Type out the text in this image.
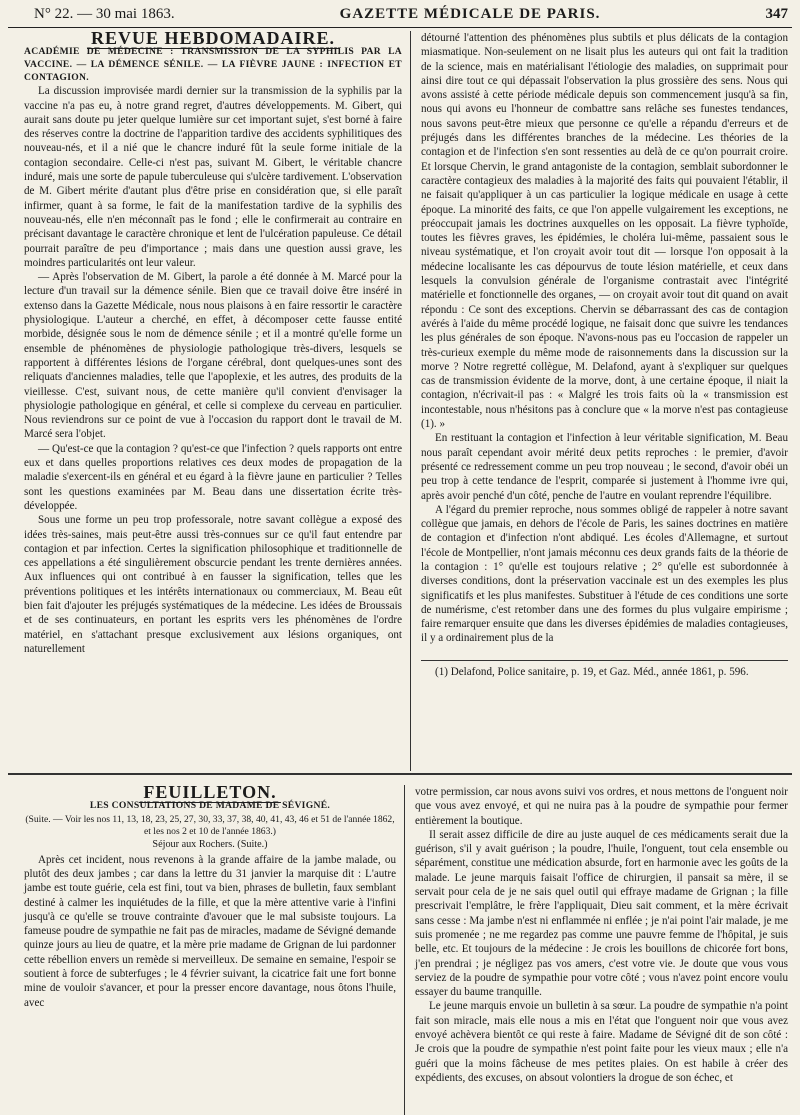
N° 22. — 30 mai 1863.	GAZETTE MÉDICALE DE PARIS.	347

REVUE HEBDOMADAIRE.

ACADÉMIE DE MÉDECINE : TRANSMISSION DE LA SYPHILIS PAR LA VACCINE. — LA DÉMENCE SÉNILE. — LA FIÈVRE JAUNE : INFECTION ET CONTAGION.

La discussion improvisée mardi dernier sur la transmission de la syphilis par la vaccine n'a pas eu, à notre grand regret, d'autres développements. M. Gibert, qui aurait sans doute pu jeter quelque lumière sur cet important sujet, s'est borné à faire des réserves contre la doctrine de l'apparition tardive des accidents syphilitiques des nouveau-nés, et il a nié que le chancre induré fût la seule forme initiale de la contagion secondaire. Celle-ci n'est pas, suivant M. Gibert, le véritable chancre induré, mais une sorte de papule tuberculeuse qui s'ulcère tardivement. L'observation de M. Gibert mérite d'autant plus d'être prise en considération que, si elle paraît infirmer, quant à sa forme, le fait de la manifestation tardive de la syphilis des nouveau-nés, elle n'en méconnaît pas le fond ; elle le confirmerait au contraire en précisant davantage le caractère chronique et lent de l'ulcération papuleuse. Ce détail pourrait paraître de peu d'importance ; mais dans une question aussi grave, les moindres particularités ont leur valeur.

— Après l'observation de M. Gibert, la parole a été donnée à M. Marcé pour la lecture d'un travail sur la démence sénile. Bien que ce travail doive être inséré in extenso dans la Gazette Médicale, nous nous plaisons à en faire ressortir le caractère physiologique. L'auteur a cherché, en effet, à décomposer cette fausse entité morbide, désignée sous le nom de démence sénile ; et il a montré qu'elle forme un ensemble de phénomènes de physiologie pathologique très-divers, lesquels se rapportent à différentes lésions de l'organe cérébral, dont quelques-unes sont des reliquats d'anciennes maladies, telle que l'apoplexie, et les autres, des produits de la vieillesse. C'est, suivant nous, de cette manière qu'il convient d'envisager la physiologie pathologique en général, et celle si complexe du cerveau en particulier. Nous reviendrons sur ce point de vue à l'occasion du rapport dont le travail de M. Marcé sera l'objet.

— Qu'est-ce que la contagion ? qu'est-ce que l'infection ? quels rapports ont entre eux et dans quelles proportions relatives ces deux modes de propagation de la maladie s'exercent-ils en général et eu égard à la fièvre jaune en particulier ? Telles sont les questions examinées par M. Beau dans une dissertation écrite très-développée.

Sous une forme un peu trop professorale, notre savant collègue a exposé des idées très-saines, mais peut-être aussi très-connues sur ce qu'il faut entendre par contagion et par infection. Certes la signification philosophique et traditionnelle de ces appellations a été singulièrement obscurcie pendant les trente dernières années. Aux influences qui ont contribué à en fausser la signification, telles que les préventions politiques et les intérêts internationaux ou commerciaux, M. Beau eût bien fait d'ajouter les préjugés systématiques de la médecine. Les idées de Broussais et de ses continuateurs, en portant les esprits vers les phénomènes de l'ordre matériel, en s'attachant presque exclusivement aux lésions organiques, ont naturellement

détourné l'attention des phénomènes plus subtils et plus délicats de la contagion miasmatique. Non-seulement on ne lisait plus les auteurs qui ont fait la tradition de la science, mais en matérialisant l'étiologie des maladies, on supprimait pour ainsi dire tout ce qui dépassait l'observation la plus grossière des sens. Nous qui avons assisté à cette période médicale depuis son commencement jusqu'à sa fin, nous qui avons eu l'honneur de combattre sans relâche ses funestes tendances, nous savons peut-être mieux que personne ce qu'elle a répandu d'erreurs et de préjugés dans les différentes branches de la médecine. Les théories de la contagion et de l'infection s'en sont ressenties au delà de ce qu'on pourrait croire. Et lorsque Chervin, le grand antagoniste de la contagion, semblait subordonner le caractère contagieux des maladies à la majorité des faits qui pouvaient l'établir, il ne faisait qu'appliquer à un cas particulier la logique médicale en usage à cette époque. La minorité des faits, ce que l'on appelle vulgairement les exceptions, ne préoccupait jamais les doctrines auxquelles on les opposait. La fièvre typhoïde, toutes les fièvres graves, les épidémies, le choléra lui-même, passaient sous le niveau systématique, et l'on croyait avoir tout dit — lorsque l'on opposait à la médecine localisante les cas dépourvus de toute lésion matérielle, et ceux dans lesquels la convulsion générale de l'organisme contrastait avec l'intégrité matérielle et fonctionnelle des organes, — on croyait avoir tout dit quand on avait répondu : Ce sont des exceptions. Chervin se débarrassant des cas de contagion avérés à l'aide du même procédé logique, ne faisait donc que suivre les tendances les plus générales de son époque. N'avons-nous pas eu l'occasion de rappeler un très-curieux exemple du même mode de raisonnements dans la discussion sur la morve ? Notre regretté collègue, M. Delafond, ayant à s'expliquer sur quelques cas de transmission évidente de la morve, dont, à une certaine époque, il niait la contagion, n'écrivait-il pas : « Malgré les trois faits où la « transmission est incontestable, nous n'hésitons pas à conclure que « la morve n'est pas contagieuse (1). »

En restituant la contagion et l'infection à leur véritable signification, M. Beau nous paraît cependant avoir mérité deux petits reproches : le premier, d'avoir présenté ce redressement comme un peu trop nouveau ; le second, d'avoir obéi un peu trop à cette tendance de l'esprit, comparée si justement à l'homme ivre qui, après avoir penché d'un côté, penche de l'autre en voulant reprendre l'équilibre.

A l'égard du premier reproche, nous sommes obligé de rappeler à notre savant collègue que jamais, en dehors de l'école de Paris, les saines doctrines en matière de contagion et d'infection n'ont abdiqué. Les écoles d'Allemagne, et surtout l'école de Montpellier, n'ont jamais méconnu ces deux grands faits de la théorie de la contagion : 1° qu'elle est toujours relative ; 2° qu'elle est subordonnée à diverses conditions, dont la préservation vaccinale est un des exemples les plus significatifs et les plus manifestes. Substituer à l'étude de ces conditions une sorte de numérisme, c'est retomber dans une des formes du plus vulgaire empirisme ; faire remarquer ensuite que dans les diverses épidémies de maladies contagieuses, il y a ordinairement plus de la

(1) Delafond, Police sanitaire, p. 19, et Gaz. Méd., année 1861, p. 596.

FEUILLETON.

LES CONSULTATIONS DE MADAME DE SÉVIGNÉ.

(Suite. — Voir les nos 11, 13, 18, 23, 25, 27, 30, 33, 37, 38, 40, 41, 43, 46 et 51 de l'année 1862, et les nos 2 et 10 de l'année 1863.)

Séjour aux Rochers. (Suite.)

Après cet incident, nous revenons à la grande affaire de la jambe malade, ou plutôt des deux jambes ; car dans la lettre du 31 janvier la marquise dit : L'autre jambe est toute guérie, cela est fini, tout va bien, phrases de bulletin, faux semblant destiné à calmer les inquiétudes de la fille, et que la mère attentive varie à l'infini jusqu'à ce qu'elle se trouve contrainte d'avouer que le mal subsiste toujours. La fameuse poudre de sympathie ne fait pas de miracles, madame de Sévigné demande quinze jours au lieu de quatre, et la mère prie madame de Grignan de lui pardonner cette rébellion envers un remède si merveilleux. De semaine en semaine, l'espoir se soutient à force de subterfuges ; le 4 février suivant, la cicatrice fait une fort bonne mine de vouloir s'avancer, et pour la presser encore davantage, nous ôtons l'huile, avec

votre permission, car nous avons suivi vos ordres, et nous mettons de l'onguent noir que vous avez envoyé, et qui ne nuira pas à la poudre de sympathie pour fermer entièrement la boutique.

Il serait assez difficile de dire au juste auquel de ces médicaments serait due la guérison, s'il y avait guérison ; la poudre, l'huile, l'onguent, tout cela ensemble ou séparément, constitue une médication absurde, fort en harmonie avec les goûts de la malade. Le jeune marquis faisait l'office de chirurgien, il pansait sa mère, il se servait pour cela de je ne sais quel outil qui effraye madame de Grignan ; la fille prescrivait l'emplâtre, le frère l'appliquait, Dieu sait comment, et la mère écrivait sans cesse : Ma jambe n'est ni enflammée ni enflée ; je n'ai point l'air malade, je me suis promenée ; ne me regardez pas comme une pauvre femme de l'hôpital, je suis belle, etc. Et toujours de la médecine : Je crois les bouillons de chicorée fort bons, j'en prendrai ; je négligez pas vos amers, c'est votre vie. Je doute que vous vous serviez de la poudre de sympathie pour votre côté ; vous n'avez point encore voulu essayer du baume tranquille.

Le jeune marquis envoie un bulletin à sa sœur. La poudre de sympathie n'a point fait son miracle, mais elle nous a mis en l'état que l'onguent noir que vous avez envoyé achèvera bientôt ce qui reste à faire. Madame de Sévigné dit de son côté : Je crois que la poudre de sympathie n'est point faite pour les vieux maux ; elle n'a guéri que la moins fâcheuse de mes petites plaies. On est habile à créer des expédients, des excuses, on absout volontiers la drogue de son échec, et
